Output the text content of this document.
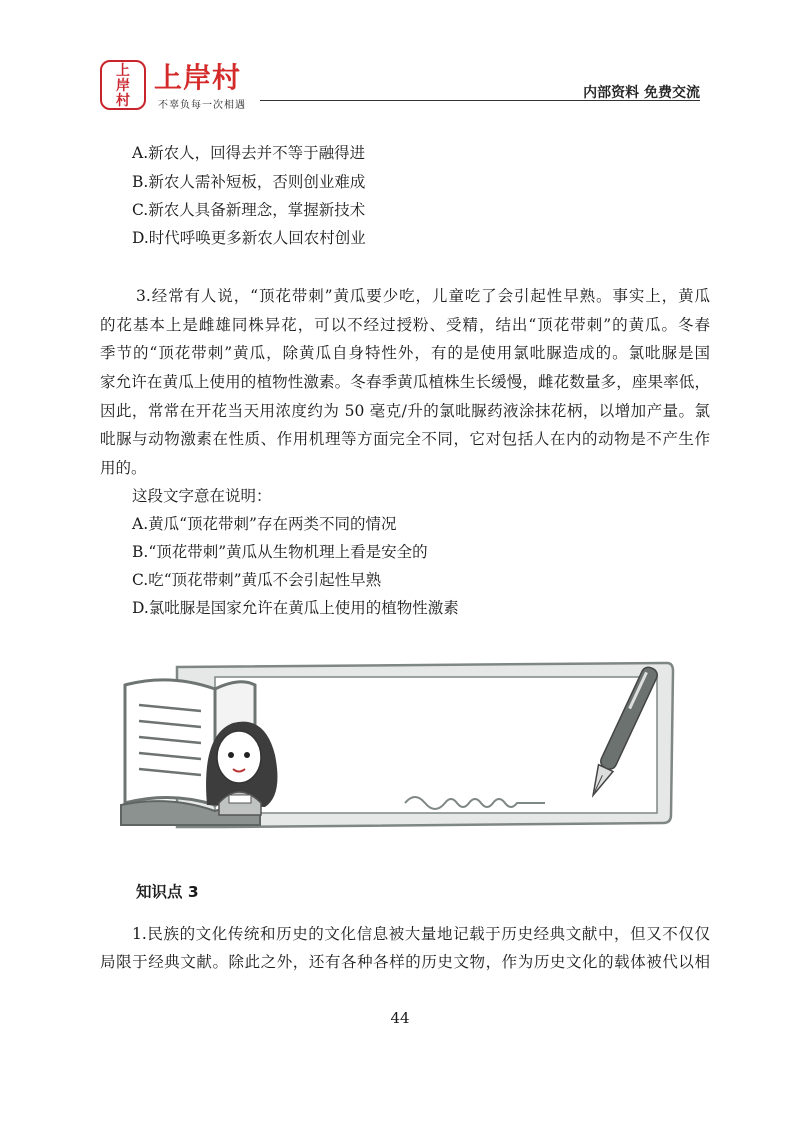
上
岸
村
上岸村
不辜负每一次相遇
内部资料 免费交流
A.新农人，回得去并不等于融得进
B.新农人需补短板，否则创业难成
C.新农人具备新理念，掌握新技术
D.时代呼唤更多新农人回农村创业
3.经常有人说，“顶花带刺”黄瓜要少吃，儿童吃了会引起性早熟。事实上，黄瓜
的花基本上是雌雄同株异花，可以不经过授粉、受精，结出“顶花带刺”的黄瓜。冬春
季节的“顶花带刺”黄瓜，除黄瓜自身特性外，有的是使用氯吡脲造成的。氯吡脲是国
家允许在黄瓜上使用的植物性激素。冬春季黄瓜植株生长缓慢，雌花数量多，座果率低，
因此，常常在开花当天用浓度约为 50 毫克/升的氯吡脲药液涂抹花柄，以增加产量。氯
吡脲与动物激素在性质、作用机理等方面完全不同，它对包括人在内的动物是不产生作
用的。
这段文字意在说明：
A.黄瓜“顶花带刺”存在两类不同的情况
B.“顶花带刺”黄瓜从生物机理上看是安全的
C.吃“顶花带刺”黄瓜不会引起性早熟
D.氯吡脲是国家允许在黄瓜上使用的植物性激素
知识点 3
1.民族的文化传统和历史的文化信息被大量地记载于历史经典文献中，但又不仅仅
局限于经典文献。除此之外，还有各种各样的历史文物，作为历史文化的载体被代以相
44
